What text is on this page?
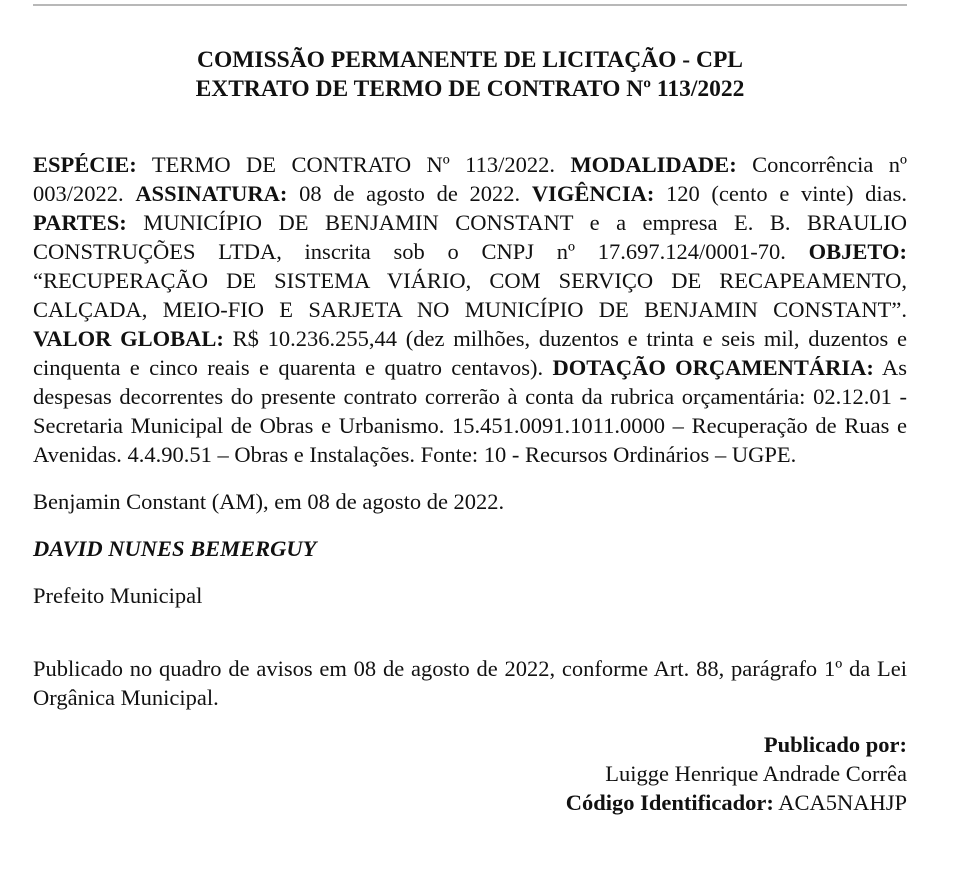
COMISSÃO PERMANENTE DE LICITAÇÃO - CPL
EXTRATO DE TERMO DE CONTRATO Nº 113/2022

ESPÉCIE: TERMO DE CONTRATO Nº 113/2022. MODALIDADE: Concorrência nº 003/2022. ASSINATURA: 08 de agosto de 2022. VIGÊNCIA: 120 (cento e vinte) dias. PARTES: MUNICÍPIO DE BENJAMIN CONSTANT e a empresa E. B. BRAULIO CONSTRUÇÕES LTDA, inscrita sob o CNPJ nº 17.697.124/0001-70. OBJETO: “RECUPERAÇÃO DE SISTEMA VIÁRIO, COM SERVIÇO DE RECAPEAMENTO, CALÇADA, MEIO-FIO E SARJETA NO MUNICÍPIO DE BENJAMIN CONSTANT”. VALOR GLOBAL: R$ 10.236.255,44 (dez milhões, duzentos e trinta e seis mil, duzentos e cinquenta e cinco reais e quarenta e quatro centavos). DOTAÇÃO ORÇAMENTÁRIA: As despesas decorrentes do presente contrato correrão à conta da rubrica orçamentária: 02.12.01 - Secretaria Municipal de Obras e Urbanismo. 15.451.0091.1011.0000 – Recuperação de Ruas e Avenidas. 4.4.90.51 – Obras e Instalações. Fonte: 10 - Recursos Ordinários – UGPE.

Benjamin Constant (AM), em 08 de agosto de 2022.

DAVID NUNES BEMERGUY

Prefeito Municipal

Publicado no quadro de avisos em 08 de agosto de 2022, conforme Art. 88, parágrafo 1º da Lei Orgânica Municipal.

Publicado por:
Luigge Henrique Andrade Corrêa
Código Identificador: ACA5NAHJP
